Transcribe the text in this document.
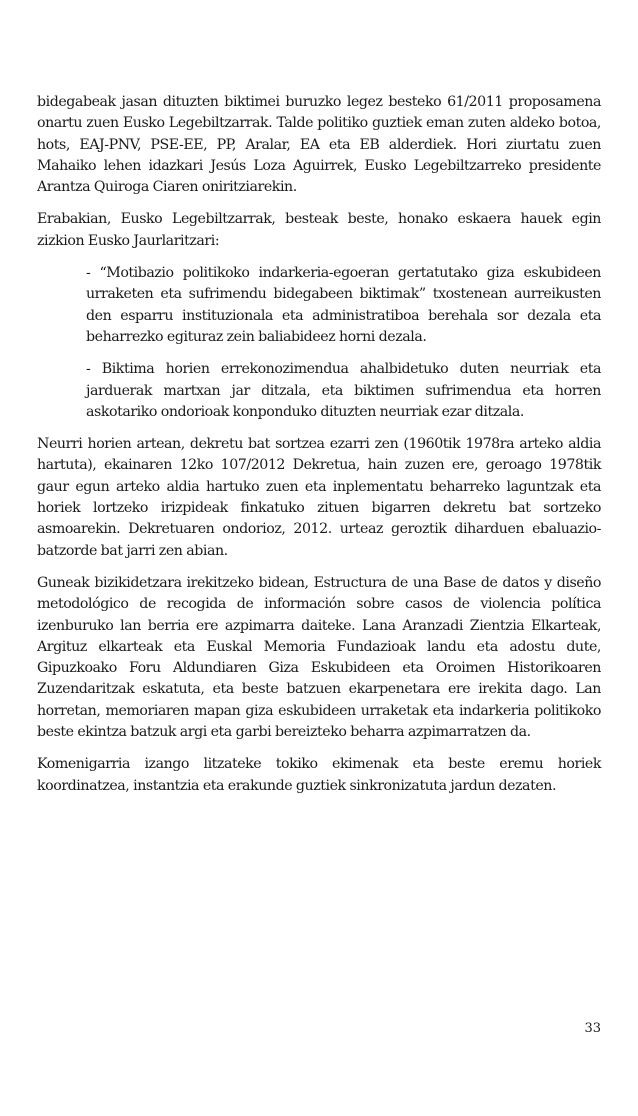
bidegabeak jasan dituzten biktimei buruzko legez besteko 61/2011 proposamena onartu zuen Eusko Legebiltzarrak. Talde politiko guztiek eman zuten aldeko botoa, hots, EAJ-PNV, PSE-EE, PP, Aralar, EA eta EB alderdiek. Hori ziurtatu zuen Mahaiko lehen idazkari Jesús Loza Aguirrek, Eusko Legebiltzarreko presidente Arantza Quiroga Ciaren oniritziarekin.

Erabakian, Eusko Legebiltzarrak, besteak beste, honako eskaera hauek egin zizkion Eusko Jaurlaritzari:

- “Motibazio politikoko indarkeria-egoeran gertatutako giza eskubideen urraketen eta sufrimendu bidegabeen biktimak” txostenean aurreikusten den esparru instituzionala eta administratiboa berehala sor dezala eta beharrezko egituraz zein baliabideez horni dezala.

- Biktima horien errekonozimendua ahalbidetuko duten neurriak eta jarduerak martxan jar ditzala, eta biktimen sufrimendua eta horren askotariko ondorioak konponduko dituzten neurriak ezar ditzala.

Neurri horien artean, dekretu bat sortzea ezarri zen (1960tik 1978ra arteko aldia hartuta), ekainaren 12ko 107/2012 Dekretua, hain zuzen ere, geroago 1978tik gaur egun arteko aldia hartuko zuen eta inplementatu beharreko laguntzak eta horiek lortzeko irizpideak finkatuko zituen bigarren dekretu bat sortzeko asmoarekin. Dekretuaren ondorioz, 2012. urteaz geroztik diharduen ebaluazio-batzorde bat jarri zen abian.

Guneak bizikidetzara irekitzeko bidean, Estructura de una Base de datos y diseño metodológico de recogida de información sobre casos de violencia política izenburuko lan berria ere azpimarra daiteke. Lana Aranzadi Zientzia Elkarteak, Argituz elkarteak eta Euskal Memoria Fundazioak landu eta adostu dute, Gipuzkoako Foru Aldundiaren Giza Eskubideen eta Oroimen Historikoaren Zuzendaritzak eskatuta, eta beste batzuen ekarpenetara ere irekita dago. Lan horretan, memoriaren mapan giza eskubideen urraketak eta indarkeria politikoko beste ekintza batzuk argi eta garbi bereizteko beharra azpimarratzen da.

Komenigarria izango litzateke tokiko ekimenak eta beste eremu horiek koordinatzea, instantzia eta erakunde guztiek sinkronizatuta jardun dezaten.

33
